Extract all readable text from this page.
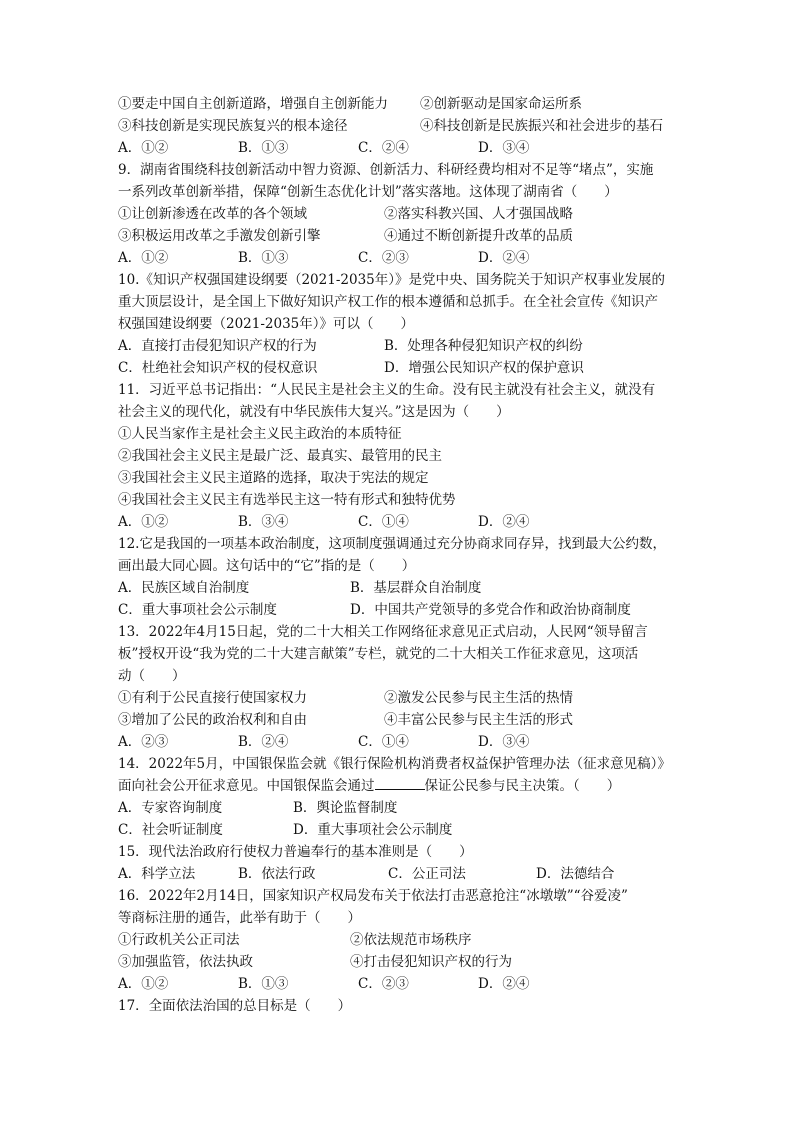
①要走中国自主创新道路，增强自主创新能力 ②创新驱动是国家命运所系
③科技创新是实现民族复兴的根本途径	④科技创新是民族振兴和社会进步的基石
A．①②	B．①③	C．②④	D．③④
9．湖南省围绕科技创新活动中智力资源、创新活力、科研经费均相对不足等“堵点”，实施
一系列改革创新举措，保障“创新生态优化计划”落实落地。这体现了湖南省（　　）
①让创新渗透在改革的各个领域	②落实科教兴国、人才强国战略
③积极运用改革之手激发创新引擎	④通过不断创新提升改革的品质
A．①②	B．①③	C．②③	D．②④
10.《知识产权强国建设纲要（2021-2035年）》是党中央、国务院关于知识产权事业发展的
重大顶层设计，是全国上下做好知识产权工作的根本遵循和总抓手。在全社会宣传《知识产
权强国建设纲要（2021-2035年）》可以（　　）
A．直接打击侵犯知识产权的行为	B．处理各种侵犯知识产权的纠纷
C．杜绝社会知识产权的侵权意识	D．增强公民知识产权的保护意识
11．习近平总书记指出：“人民民主是社会主义的生命。没有民主就没有社会主义，就没有
社会主义的现代化，就没有中华民族伟大复兴。”这是因为（　　）
①人民当家作主是社会主义民主政治的本质特征
②我国社会主义民主是最广泛、最真实、最管用的民主
③我国社会主义民主道路的选择，取决于宪法的规定
④我国社会主义民主有选举民主这一特有形式和独特优势
A．①②	B．③④	C．①④	D．②④
12.它是我国的一项基本政治制度，这项制度强调通过充分协商求同存异，找到最大公约数，
画出最大同心圆。这句话中的“它”指的是（　　）
A．民族区域自治制度	B．基层群众自治制度
C．重大事项社会公示制度	D．中国共产党领导的多党合作和政治协商制度
13．2022年4月15日起，党的二十大相关工作网络征求意见正式启动，人民网“领导留言
板”授权开设“我为党的二十大建言献策”专栏，就党的二十大相关工作征求意见，这项活
动（　　）
①有利于公民直接行使国家权力	②激发公民参与民主生活的热情
③增加了公民的政治权利和自由	④丰富公民参与民主生活的形式
A．②③	B．②④	C．①④	D．③④
14．2022年5月，中国银保监会就《银行保险机构消费者权益保护管理办法（征求意见稿）》
面向社会公开征求意见。中国银保监会通过	保证公民参与民主决策。（　　）
A．专家咨询制度	B．舆论监督制度
C．社会听证制度	D．重大事项社会公示制度
15．现代法治政府行使权力普遍奉行的基本准则是（　　）
A．科学立法	B．依法行政	C．公正司法	D．法德结合
16．2022年2月14日，国家知识产权局发布关于依法打击恶意抢注“冰墩墩”“谷爱凌”
等商标注册的通告，此举有助于（　　）
①行政机关公正司法	②依法规范市场秩序
③加强监管，依法执政	④打击侵犯知识产权的行为
A．①②	B．①③	C．②③	D．②④
17．全面依法治国的总目标是（　　）
